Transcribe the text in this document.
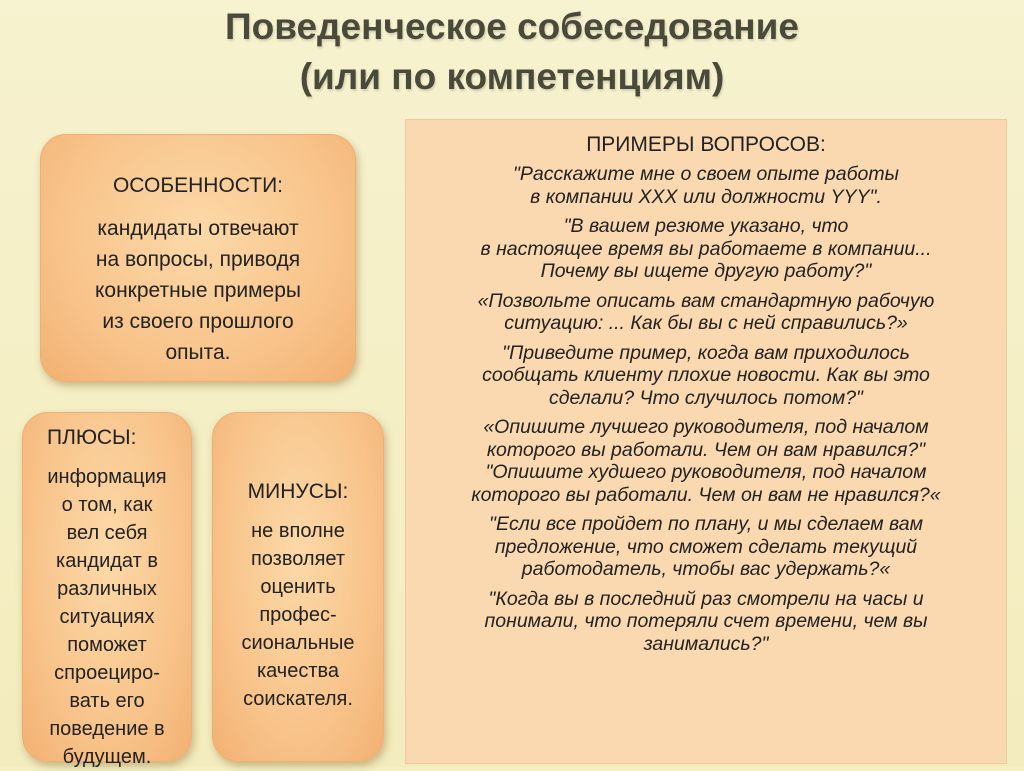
Поведенческое собеседование
(или по компетенциям)
ОСОБЕННОСТИ:
кандидаты отвечают
на вопросы, приводя
конкретные примеры
из своего прошлого
опыта.
ПЛЮСЫ:
информация
о том, как
вел себя
кандидат в
различных
ситуациях
поможет
спроециро-
вать его
поведение в
будущем.
МИНУСЫ:
не вполне
позволяет
оценить
профес-
сиональные
качества
соискателя.
ПРИМЕРЫ ВОПРОСОВ:
"Расскажите мне о своем опыте работы
в компании XXX или должности YYY".
"В вашем резюме указано, что
в настоящее время вы работаете в компании...
Почему вы ищете другую работу?"
«Позвольте описать вам стандартную рабочую
ситуацию: ... Как бы вы с ней справились?»
"Приведите пример, когда вам приходилось
сообщать клиенту плохие новости. Как вы это
сделали? Что случилось потом?"
«Опишите лучшего руководителя, под началом
которого вы работали. Чем он вам нравился?"
"Опишите худшего руководителя, под началом
которого вы работали. Чем он вам не нравился?«
"Если все пройдет по плану, и мы сделаем вам
предложение, что сможет сделать текущий
работодатель, чтобы вас удержать?«
"Когда вы в последний раз смотрели на часы и
понимали, что потеряли счет времени, чем вы
занимались?"
